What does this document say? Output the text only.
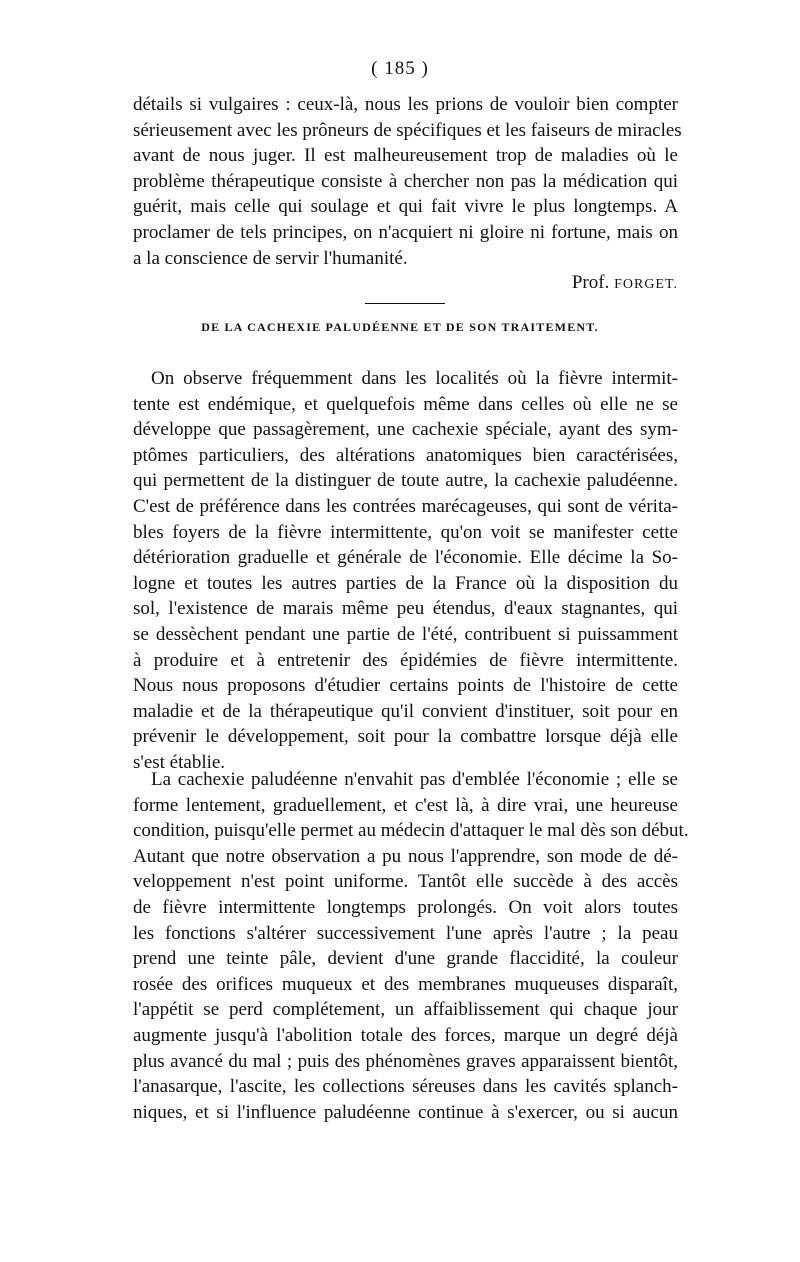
( 185 )
détails si vulgaires : ceux-là, nous les prions de vouloir bien compter
sérieusement avec les prôneurs de spécifiques et les faiseurs de miracles
avant de nous juger. Il est malheureusement trop de maladies où le
problème thérapeutique consiste à chercher non pas la médication qui
guérit, mais celle qui soulage et qui fait vivre le plus longtemps. A
proclamer de tels principes, on n'acquiert ni gloire ni fortune, mais on
a la conscience de servir l'humanité.
Prof. FORGET.
DE LA CACHEXIE PALUDÉENNE ET DE SON TRAITEMENT.
On observe fréquemment dans les localités où la fièvre intermit-
tente est endémique, et quelquefois même dans celles où elle ne se
développe que passagèrement, une cachexie spéciale, ayant des sym-
ptômes particuliers, des altérations anatomiques bien caractérisées,
qui permettent de la distinguer de toute autre, la cachexie paludéenne.
C'est de préférence dans les contrées marécageuses, qui sont de vérita-
bles foyers de la fièvre intermittente, qu'on voit se manifester cette
détérioration graduelle et générale de l'économie. Elle décime la So-
logne et toutes les autres parties de la France où la disposition du
sol, l'existence de marais même peu étendus, d'eaux stagnantes, qui
se dessèchent pendant une partie de l'été, contribuent si puissamment
à produire et à entretenir des épidémies de fièvre intermittente.
Nous nous proposons d'étudier certains points de l'histoire de cette
maladie et de la thérapeutique qu'il convient d'instituer, soit pour en
prévenir le développement, soit pour la combattre lorsque déjà elle
s'est établie.
La cachexie paludéenne n'envahit pas d'emblée l'économie ; elle se
forme lentement, graduellement, et c'est là, à dire vrai, une heureuse
condition, puisqu'elle permet au médecin d'attaquer le mal dès son début.
Autant que notre observation a pu nous l'apprendre, son mode de dé-
veloppement n'est point uniforme. Tantôt elle succède à des accès
de fièvre intermittente longtemps prolongés. On voit alors toutes
les fonctions s'altérer successivement l'une après l'autre ; la peau
prend une teinte pâle, devient d'une grande flaccidité, la couleur
rosée des orifices muqueux et des membranes muqueuses disparaît,
l'appétit se perd complétement, un affaiblissement qui chaque jour
augmente jusqu'à l'abolition totale des forces, marque un degré déjà
plus avancé du mal ; puis des phénomènes graves apparaissent bientôt,
l'anasarque, l'ascite, les collections séreuses dans les cavités splanch-
niques, et si l'influence paludéenne continue à s'exercer, ou si aucun
